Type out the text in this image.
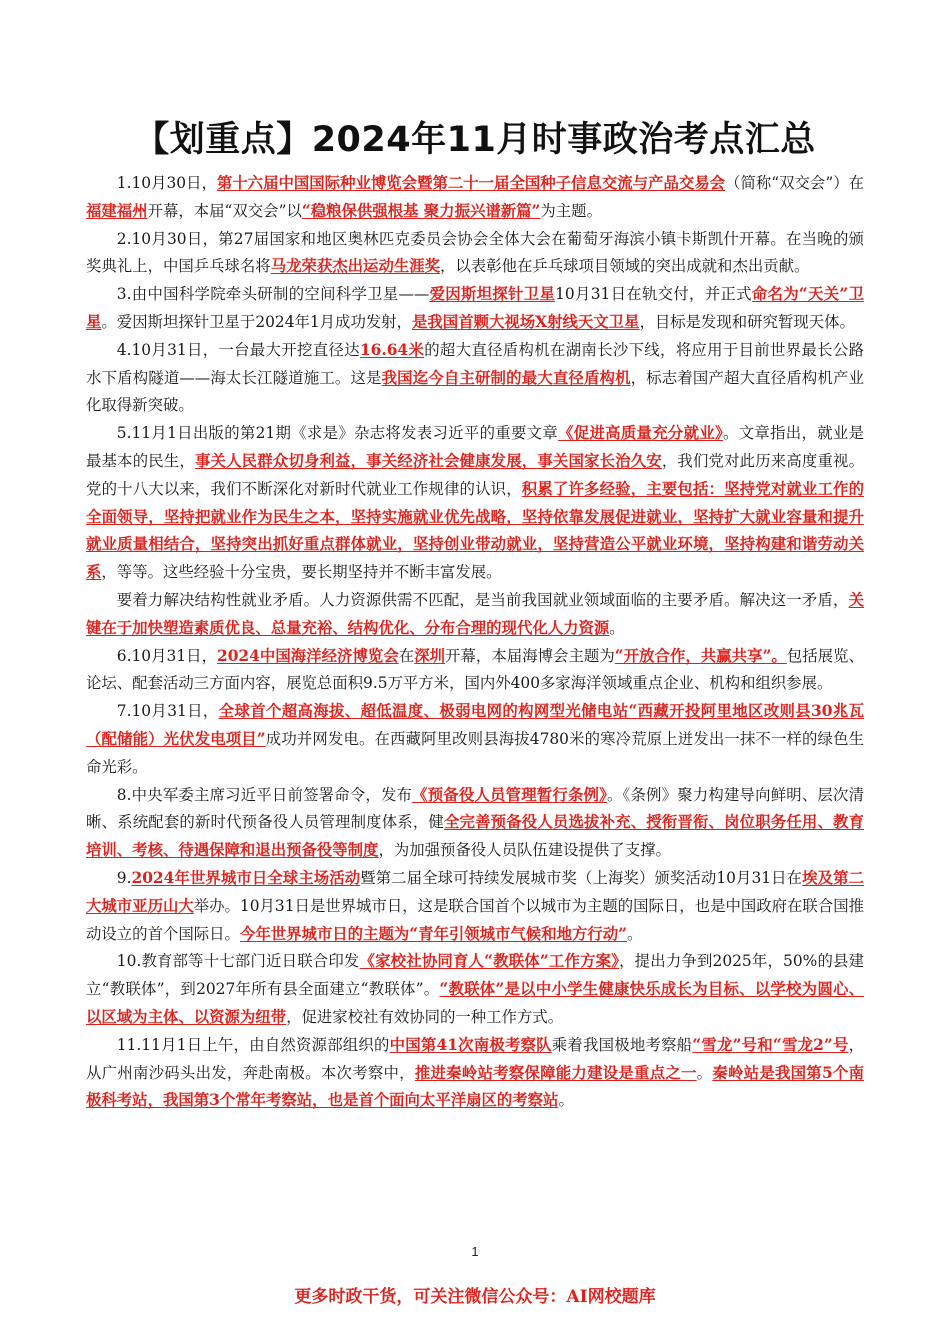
【划重点】2024年11月时事政治考点汇总

1.10月30日，第十六届中国国际种业博览会暨第二十一届全国种子信息交流与产品交易会（简称“双交会”）在福建福州开幕，本届“双交会”以“稳粮保供强根基 聚力振兴谱新篇”为主题。

2.10月30日，第27届国家和地区奥林匹克委员会协会全体大会在葡萄牙海滨小镇卡斯凯什开幕。在当晚的颁奖典礼上，中国乒乓球名将马龙荣获杰出运动生涯奖，以表彰他在乒乓球项目领域的突出成就和杰出贡献。

3.由中国科学院牵头研制的空间科学卫星——爱因斯坦探针卫星10月31日在轨交付，并正式命名为“天关”卫星。爱因斯坦探针卫星于2024年1月成功发射，是我国首颗大视场X射线天文卫星，目标是发现和研究暂现天体。

4.10月31日，一台最大开挖直径达16.64米的超大直径盾构机在湖南长沙下线，将应用于目前世界最长公路水下盾构隧道——海太长江隧道施工。这是我国迄今自主研制的最大直径盾构机，标志着国产超大直径盾构机产业化取得新突破。

5.11月1日出版的第21期《求是》杂志将发表习近平的重要文章《促进高质量充分就业》。文章指出，就业是最基本的民生，事关人民群众切身利益，事关经济社会健康发展，事关国家长治久安，我们党对此历来高度重视。党的十八大以来，我们不断深化对新时代就业工作规律的认识，积累了许多经验，主要包括：坚持党对就业工作的全面领导，坚持把就业作为民生之本，坚持实施就业优先战略，坚持依靠发展促进就业，坚持扩大就业容量和提升就业质量相结合，坚持突出抓好重点群体就业，坚持创业带动就业，坚持营造公平就业环境，坚持构建和谐劳动关系，等等。这些经验十分宝贵，要长期坚持并不断丰富发展。

要着力解决结构性就业矛盾。人力资源供需不匹配，是当前我国就业领域面临的主要矛盾。解决这一矛盾，关键在于加快塑造素质优良、总量充裕、结构优化、分布合理的现代化人力资源。

6.10月31日，2024中国海洋经济博览会在深圳开幕，本届海博会主题为“开放合作，共赢共享”。包括展览、论坛、配套活动三方面内容，展览总面积9.5万平方米，国内外400多家海洋领域重点企业、机构和组织参展。

7.10月31日，全球首个超高海拔、超低温度、极弱电网的构网型光储电站“西藏开投阿里地区改则县30兆瓦（配储能）光伏发电项目”成功并网发电。在西藏阿里改则县海拔4780米的寒冷荒原上迸发出一抹不一样的绿色生命光彩。

8.中央军委主席习近平日前签署命令，发布《预备役人员管理暂行条例》。《条例》聚力构建导向鲜明、层次清晰、系统配套的新时代预备役人员管理制度体系，健全完善预备役人员选拔补充、授衔晋衔、岗位职务任用、教育培训、考核、待遇保障和退出预备役等制度，为加强预备役人员队伍建设提供了支撑。

9.2024年世界城市日全球主场活动暨第二届全球可持续发展城市奖（上海奖）颁奖活动10月31日在埃及第二大城市亚历山大举办。10月31日是世界城市日，这是联合国首个以城市为主题的国际日，也是中国政府在联合国推动设立的首个国际日。今年世界城市日的主题为“青年引领城市气候和地方行动”。

10.教育部等十七部门近日联合印发《家校社协同育人“教联体”工作方案》，提出力争到2025年，50%的县建立“教联体”，到2027年所有县全面建立“教联体”。“教联体”是以中小学生健康快乐成长为目标、以学校为圆心、以区域为主体、以资源为纽带，促进家校社有效协同的一种工作方式。

11.11月1日上午，由自然资源部组织的中国第41次南极考察队乘着我国极地考察船“雪龙”号和“雪龙2”号，从广州南沙码头出发，奔赴南极。本次考察中，推进秦岭站考察保障能力建设是重点之一。秦岭站是我国第5个南极科考站，我国第3个常年考察站，也是首个面向太平洋扇区的考察站。

1
更多时政干货，可关注微信公众号：AI网校题库
